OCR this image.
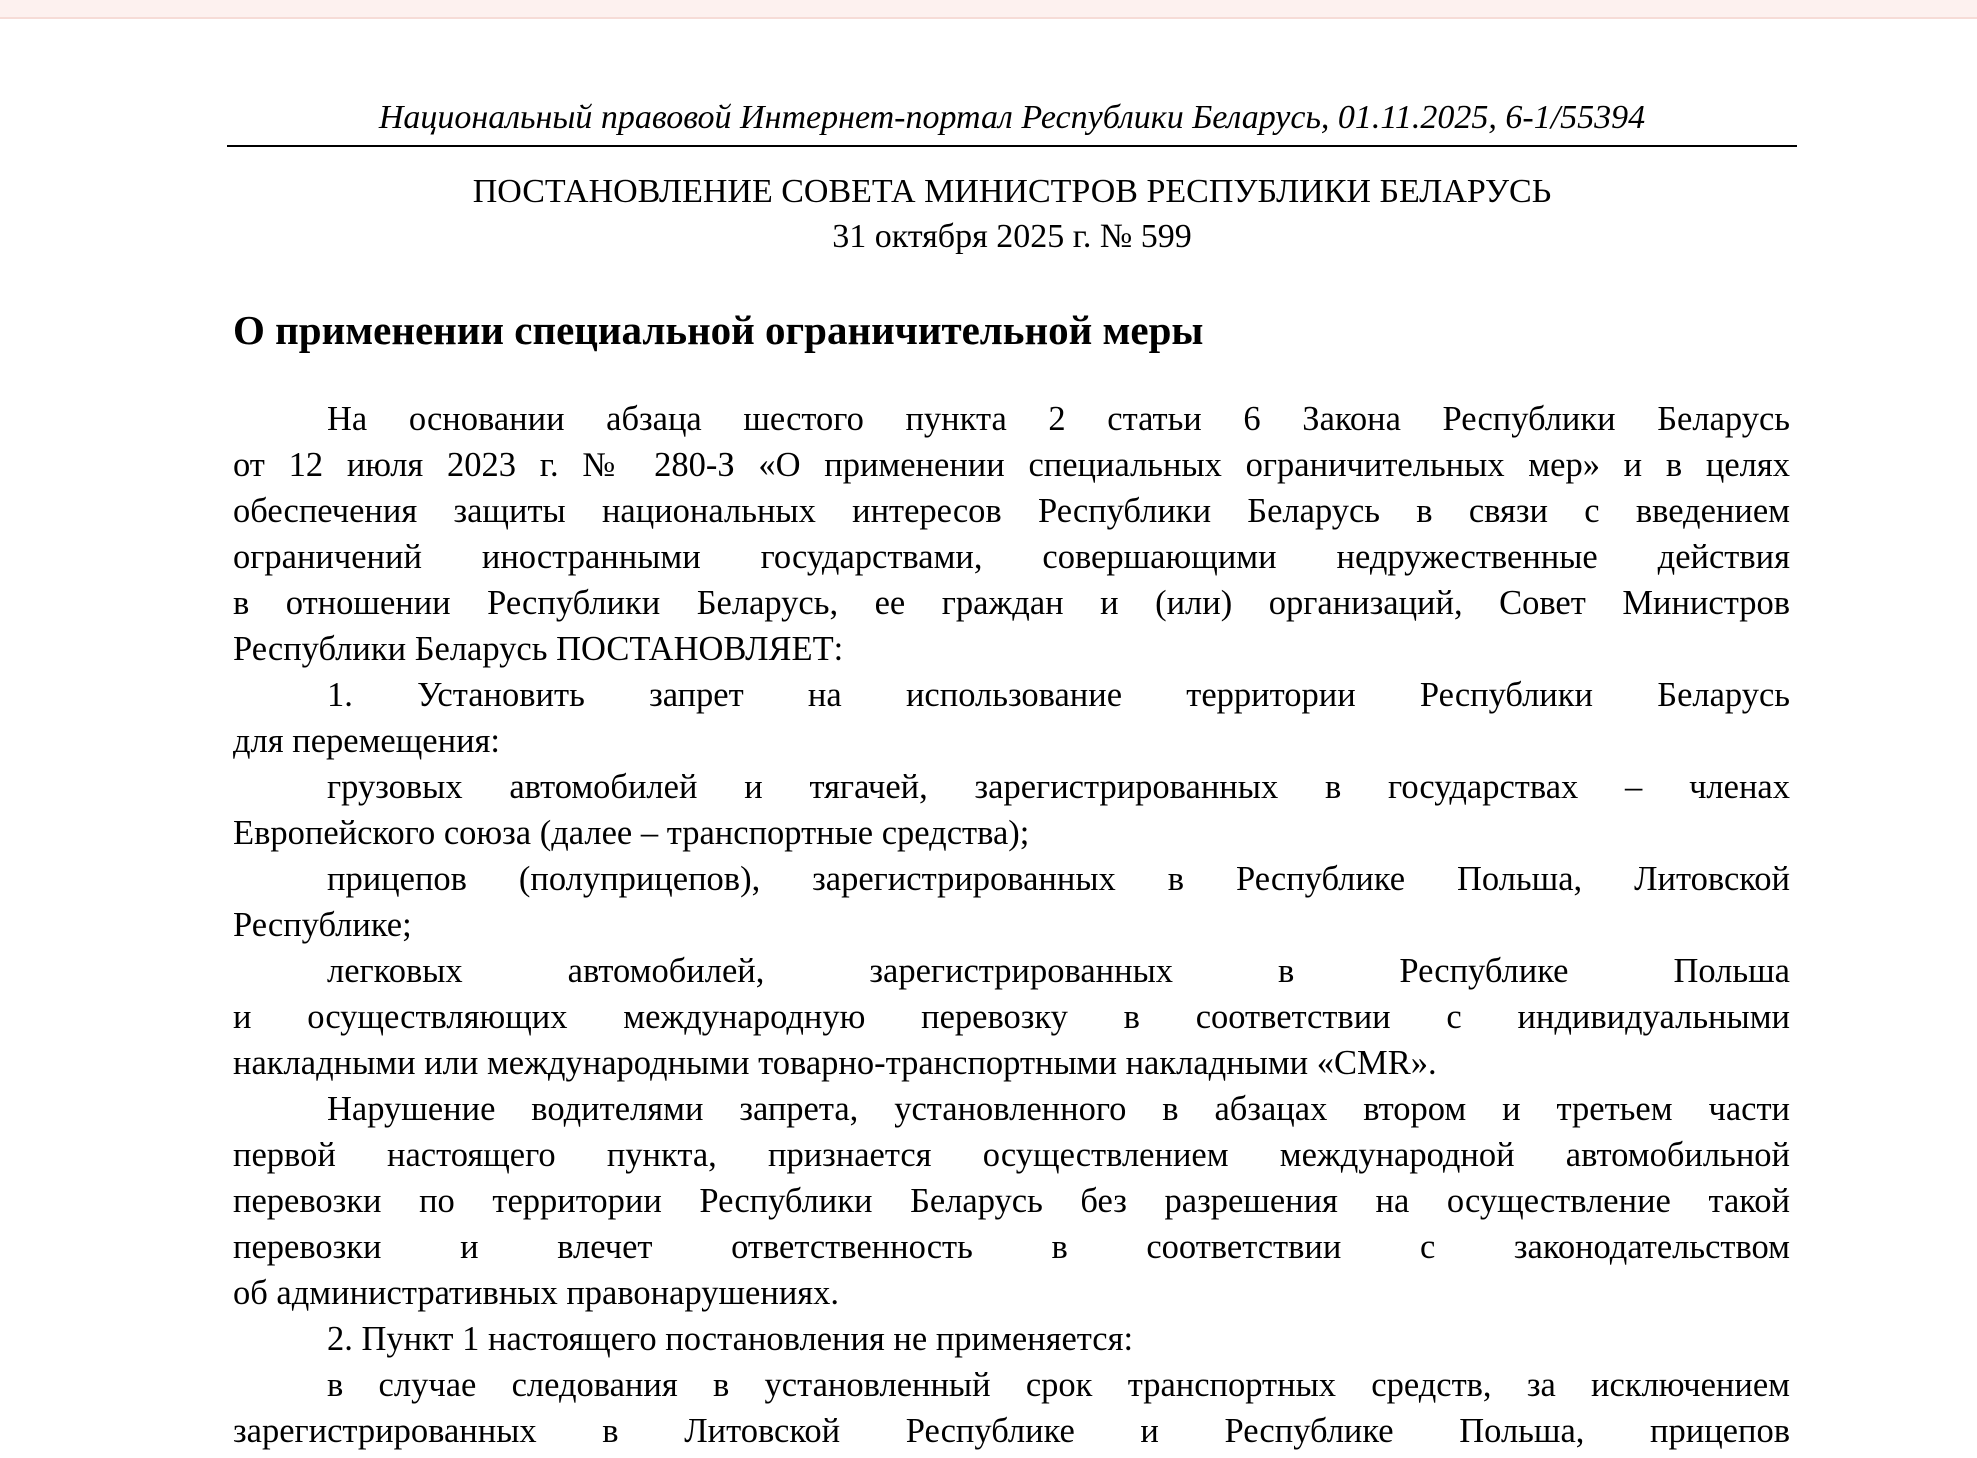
Национальный правовой Интернет-портал Республики Беларусь, 01.11.2025, 6-1/55394
ПОСТАНОВЛЕНИЕ СОВЕТА МИНИСТРОВ РЕСПУБЛИКИ БЕЛАРУСЬ
31 октября 2025 г. № 599
О применении специальной ограничительной меры
На основании абзаца шестого пункта 2 статьи 6 Закона Республики Беларусь
от 12 июля 2023 г. № 280-З «О применении специальных ограничительных мер» и в целях
обеспечения защиты национальных интересов Республики Беларусь в связи с введением
ограничений иностранными государствами, совершающими недружественные действия
в отношении Республики Беларусь, ее граждан и (или) организаций, Совет Министров
Республики Беларусь ПОСТАНОВЛЯЕТ:
1. Установить запрет на использование территории Республики Беларусь
для перемещения:
грузовых автомобилей и тягачей, зарегистрированных в государствах – членах
Европейского союза (далее – транспортные средства);
прицепов (полуприцепов), зарегистрированных в Республике Польша, Литовской
Республике;
легковых автомобилей, зарегистрированных в Республике Польша
и осуществляющих международную перевозку в соответствии с индивидуальными
накладными или международными товарно-транспортными накладными «CMR».
Нарушение водителями запрета, установленного в абзацах втором и третьем части
первой настоящего пункта, признается осуществлением международной автомобильной
перевозки по территории Республики Беларусь без разрешения на осуществление такой
перевозки и влечет ответственность в соответствии с законодательством
об административных правонарушениях.
2. Пункт 1 настоящего постановления не применяется:
в случае следования в установленный срок транспортных средств, за исключением
зарегистрированных в Литовской Республике и Республике Польша, прицепов
